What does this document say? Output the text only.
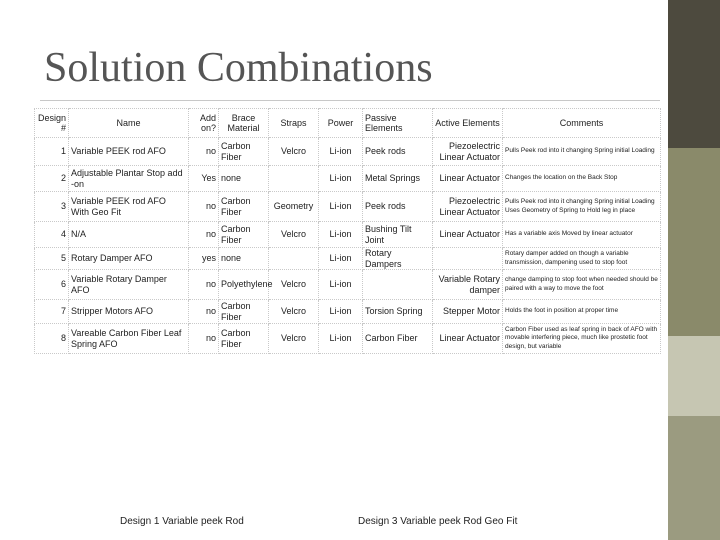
Solution Combinations
Design #	Name	Add on?	Brace Material	Straps	Power	Passive Elements	Active Elements	Comments
1	Variable PEEK rod AFO	no	Carbon Fiber	Velcro	Li-ion	Peek rods	Piezoelectric Linear Actuator	Pulls Peek rod into it changing Spring initial Loading
2	Adjustable Plantar Stop add -on	Yes	none		Li-ion	Metal Springs	Linear Actuator	Changes the location on the Back Stop
3	Variable PEEK rod AFO With Geo Fit	no	Carbon Fiber	Geometry	Li-ion	Peek rods	Piezoelectric Linear Actuator	Pulls Peek rod into it changing Spring initial Loading Uses Geometry of Spring to Hold leg in place
4	N/A	no	Carbon Fiber	Velcro	Li-ion	Bushing Tilt Joint	Linear Actuator	Has a variable axis Moved by linear actuator
5	Rotary Damper AFO	yes	none		Li-ion	Rotary Dampers		Rotary damper added on though a variable transmission, dampening used to stop foot
6	Variable Rotary Damper AFO	no	Polyethylene	Velcro	Li-ion		Variable Rotary damper	change damping to stop foot when needed should be paired with a way to move the foot
7	Stripper Motors AFO	no	Carbon Fiber	Velcro	Li-ion	Torsion Spring	Stepper Motor	Holds the foot in position at proper time
8	Vareable Carbon Fiber Leaf Spring AFO	no	Carbon Fiber	Velcro	Li-ion	Carbon Fiber	Linear Actuator	Carbon Fiber used as leaf spring in back of AFO with movable interfering piece, much like prostetic foot design, but variable
Design 1 Variable peek Rod	Design 3 Variable peek Rod Geo Fit
